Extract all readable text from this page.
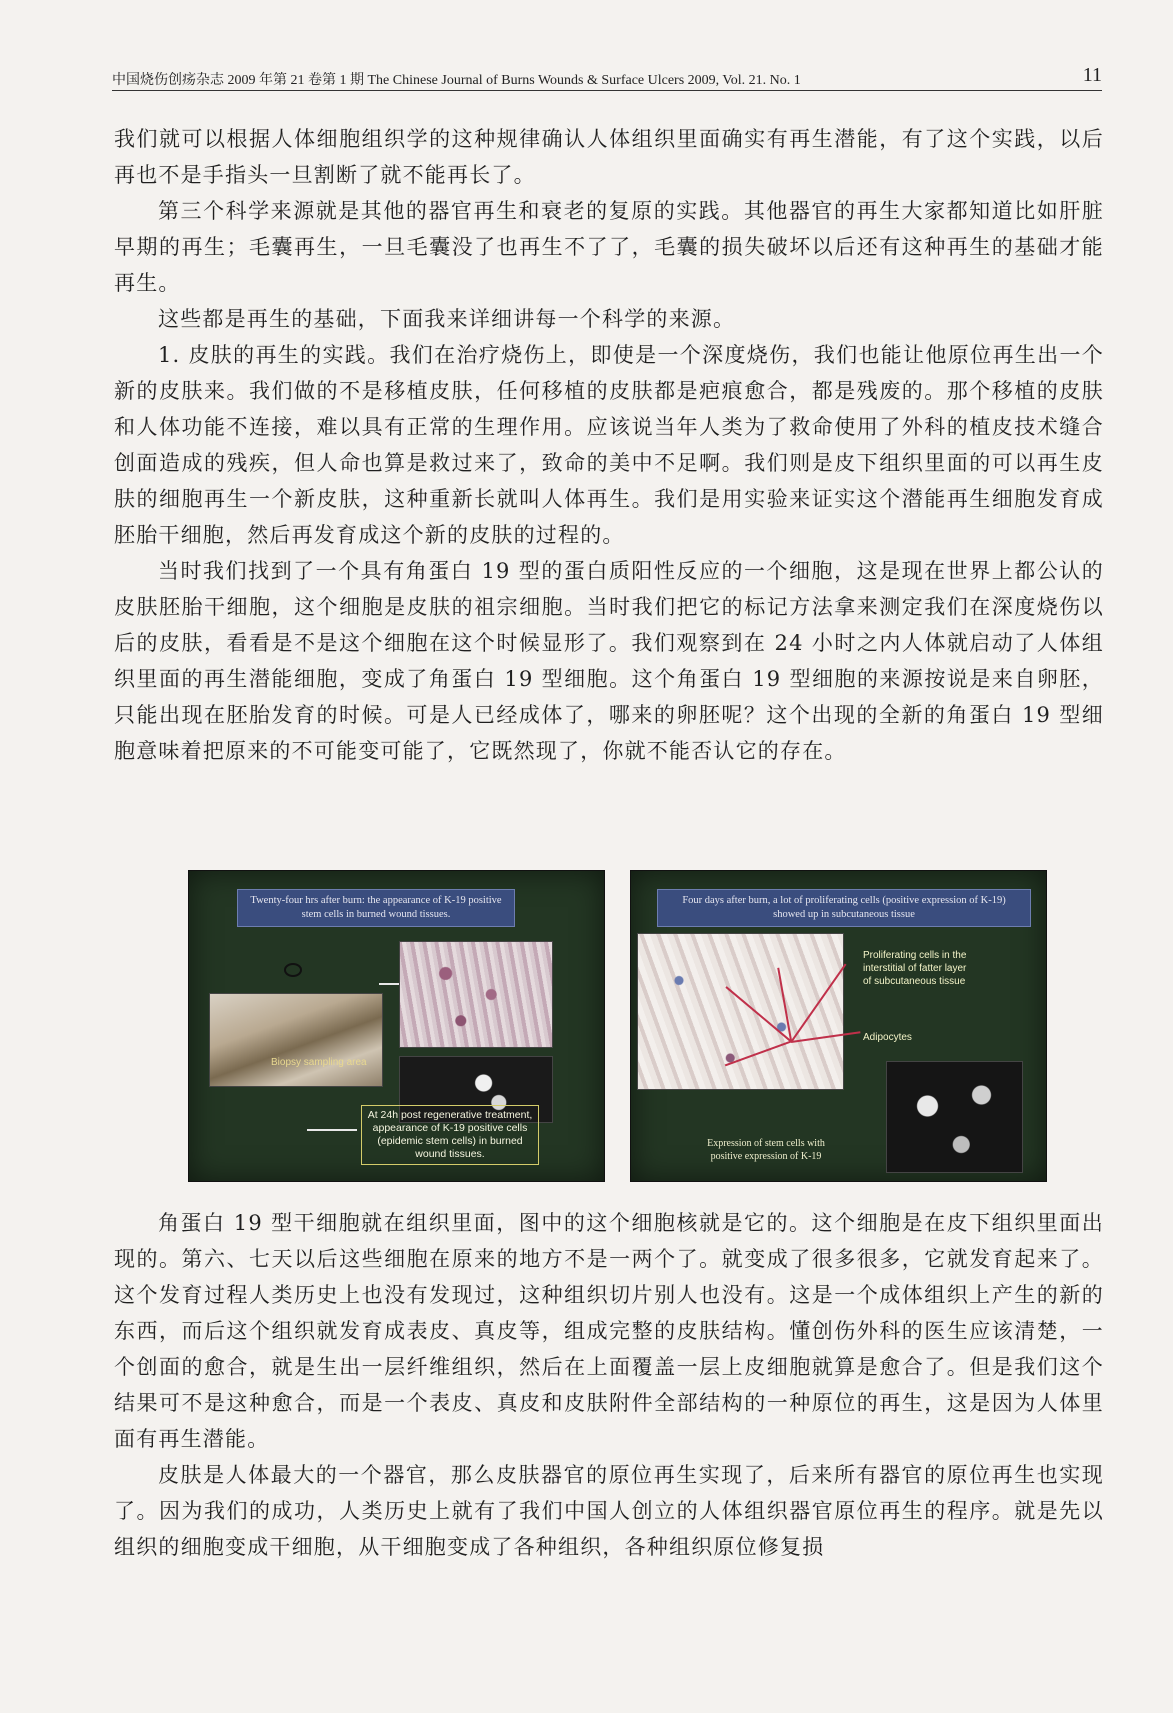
中国烧伤创疡杂志 2009 年第 21 卷第 1 期 The Chinese Journal of Burns Wounds & Surface Ulcers 2009, Vol. 21. No. 1	11

我们就可以根据人体细胞组织学的这种规律确认人体组织里面确实有再生潜能，有了这个实践，以后再也不是手指头一旦割断了就不能再长了。

第三个科学来源就是其他的器官再生和衰老的复原的实践。其他器官的再生大家都知道比如肝脏早期的再生；毛囊再生，一旦毛囊没了也再生不了了，毛囊的损失破坏以后还有这种再生的基础才能再生。

这些都是再生的基础，下面我来详细讲每一个科学的来源。

1. 皮肤的再生的实践。我们在治疗烧伤上，即使是一个深度烧伤，我们也能让他原位再生出一个新的皮肤来。我们做的不是移植皮肤，任何移植的皮肤都是疤痕愈合，都是残废的。那个移植的皮肤和人体功能不连接，难以具有正常的生理作用。应该说当年人类为了救命使用了外科的植皮技术缝合创面造成的残疾，但人命也算是救过来了，致命的美中不足啊。我们则是皮下组织里面的可以再生皮肤的细胞再生一个新皮肤，这种重新长就叫人体再生。我们是用实验来证实这个潜能再生细胞发育成胚胎干细胞，然后再发育成这个新的皮肤的过程的。

当时我们找到了一个具有角蛋白 19 型的蛋白质阳性反应的一个细胞，这是现在世界上都公认的皮肤胚胎干细胞，这个细胞是皮肤的祖宗细胞。当时我们把它的标记方法拿来测定我们在深度烧伤以后的皮肤，看看是不是这个细胞在这个时候显形了。我们观察到在 24 小时之内人体就启动了人体组织里面的再生潜能细胞，变成了角蛋白 19 型细胞。这个角蛋白 19 型细胞的来源按说是来自卵胚，只能出现在胚胎发育的时候。可是人已经成体了，哪来的卵胚呢？这个出现的全新的角蛋白 19 型细胞意味着把原来的不可能变可能了，它既然现了，你就不能否认它的存在。

Twenty-four hrs after burn: the appearance of K-19 positive stem cells in burned wound tissues.
Biopsy sampling area
At 24h post regenerative treatment, appearance of K-19 positive cells (epidemic stem cells) in burned wound tissues.
Four days after burn, a lot of proliferating cells (positive expression of K-19) showed up in subcutaneous tissue
Proliferating cells in the interstitial of fatter layer of subcutaneous tissue
Adipocytes
Expression of stem cells with positive expression of K-19

角蛋白 19 型干细胞就在组织里面，图中的这个细胞核就是它的。这个细胞是在皮下组织里面出现的。第六、七天以后这些细胞在原来的地方不是一两个了。就变成了很多很多，它就发育起来了。这个发育过程人类历史上也没有发现过，这种组织切片别人也没有。这是一个成体组织上产生的新的东西，而后这个组织就发育成表皮、真皮等，组成完整的皮肤结构。懂创伤外科的医生应该清楚，一个创面的愈合，就是生出一层纤维组织，然后在上面覆盖一层上皮细胞就算是愈合了。但是我们这个结果可不是这种愈合，而是一个表皮、真皮和皮肤附件全部结构的一种原位的再生，这是因为人体里面有再生潜能。

皮肤是人体最大的一个器官，那么皮肤器官的原位再生实现了，后来所有器官的原位再生也实现了。因为我们的成功，人类历史上就有了我们中国人创立的人体组织器官原位再生的程序。就是先以组织的细胞变成干细胞，从干细胞变成了各种组织，各种组织原位修复损
